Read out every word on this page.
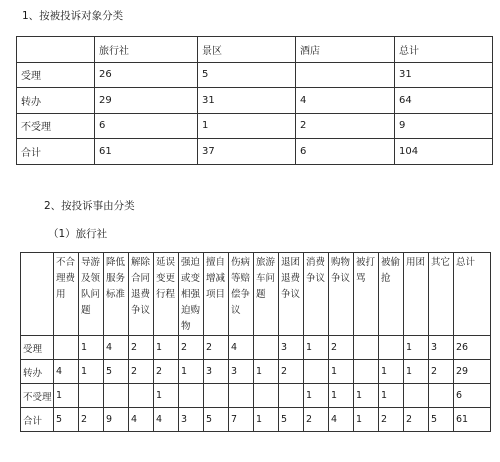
1、按被投诉对象分类
	旅行社	景区	酒店	总计
受理	26	5		31
转办	29	31	4	64
不受理	6	1	2	9
合计	61	37	6	104
2、按投诉事由分类
（1）旅行社
	不合理费用	导游及领队问题	降低服务标准	解除合同退费争议	延误变更行程	强迫或变相强迫购物	擅自增减项目	伤病等赔偿争议	旅游车问题	退团退费争议	消费争议	购物争议	被打骂	被偷抢	用团	其它	总计
受理		1	4	2	1	2	2	4		3	1	2			1	3	26
转办	4	1	5	2	2	1	3	3	1	2		1		1	1	2	29
不受理	1				1						1	1	1	1			6
合计	5	2	9	4	4	3	5	7	1	5	2	4	1	2	2	5	61
